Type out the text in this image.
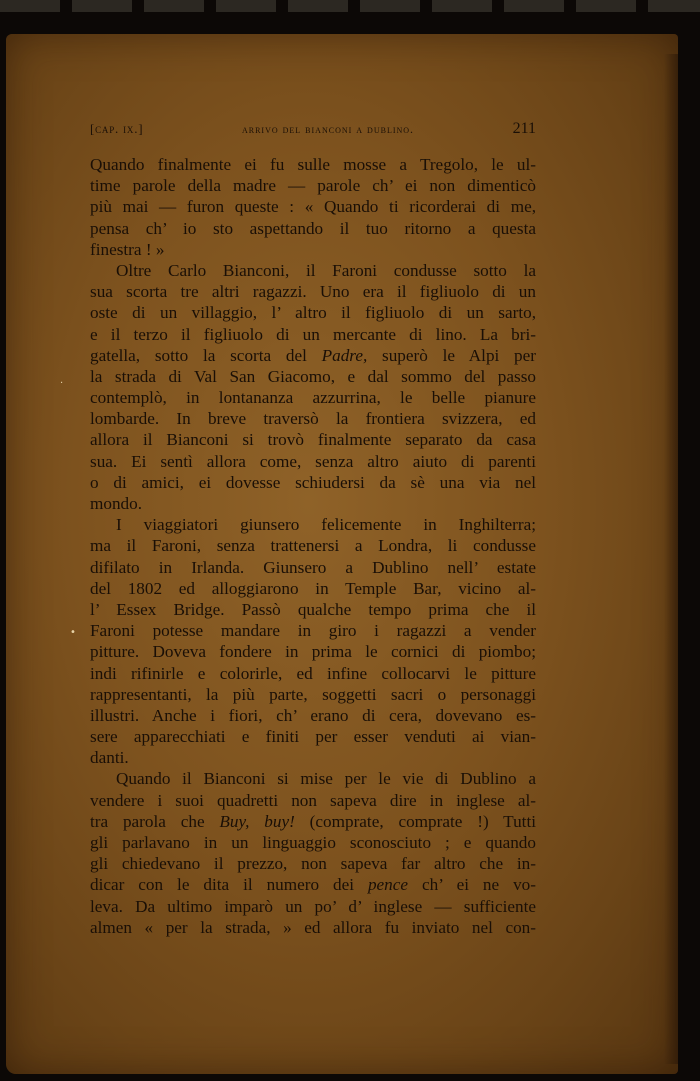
·
•
[cap. ix.]	arrivo del bianconi a dublino.	211
Quando finalmente ei fu sulle mosse a Tregolo, le ul-
time parole della madre — parole ch’ ei non dimenticò
più mai — furon queste : « Quando ti ricorderai di me,
pensa ch’ io sto aspettando il tuo ritorno a questa
finestra ! »
Oltre Carlo Bianconi, il Faroni condusse sotto la
sua scorta tre altri ragazzi. Uno era il figliuolo di un
oste di un villaggio, l’ altro il figliuolo di un sarto,
e il terzo il figliuolo di un mercante di lino. La bri-
gatella, sotto la scorta del Padre, superò le Alpi per
la strada di Val San Giacomo, e dal sommo del passo
contemplò, in lontananza azzurrina, le belle pianure
lombarde. In breve traversò la frontiera svizzera, ed
allora il Bianconi si trovò finalmente separato da casa
sua. Ei sentì allora come, senza altro aiuto di parenti
o di amici, ei dovesse schiudersi da sè una via nel
mondo.
I viaggiatori giunsero felicemente in Inghilterra;
ma il Faroni, senza trattenersi a Londra, li condusse
difilato in Irlanda. Giunsero a Dublino nell’ estate
del 1802 ed alloggiarono in Temple Bar, vicino al-
l’ Essex Bridge. Passò qualche tempo prima che il
Faroni potesse mandare in giro i ragazzi a vender
pitture. Doveva fondere in prima le cornici di piombo;
indi rifinirle e colorirle, ed infine collocarvi le pitture
rappresentanti, la più parte, soggetti sacri o personaggi
illustri. Anche i fiori, ch’ erano di cera, dovevano es-
sere apparecchiati e finiti per esser venduti ai vian-
danti.
Quando il Bianconi si mise per le vie di Dublino a
vendere i suoi quadretti non sapeva dire in inglese al-
tra parola che Buy, buy! (comprate, comprate !) Tutti
gli parlavano in un linguaggio sconosciuto ; e quando
gli chiedevano il prezzo, non sapeva far altro che in-
dicar con le dita il numero dei pence ch’ ei ne vo-
leva. Da ultimo imparò un po’ d’ inglese — sufficiente
almen « per la strada, » ed allora fu inviato nel con-
